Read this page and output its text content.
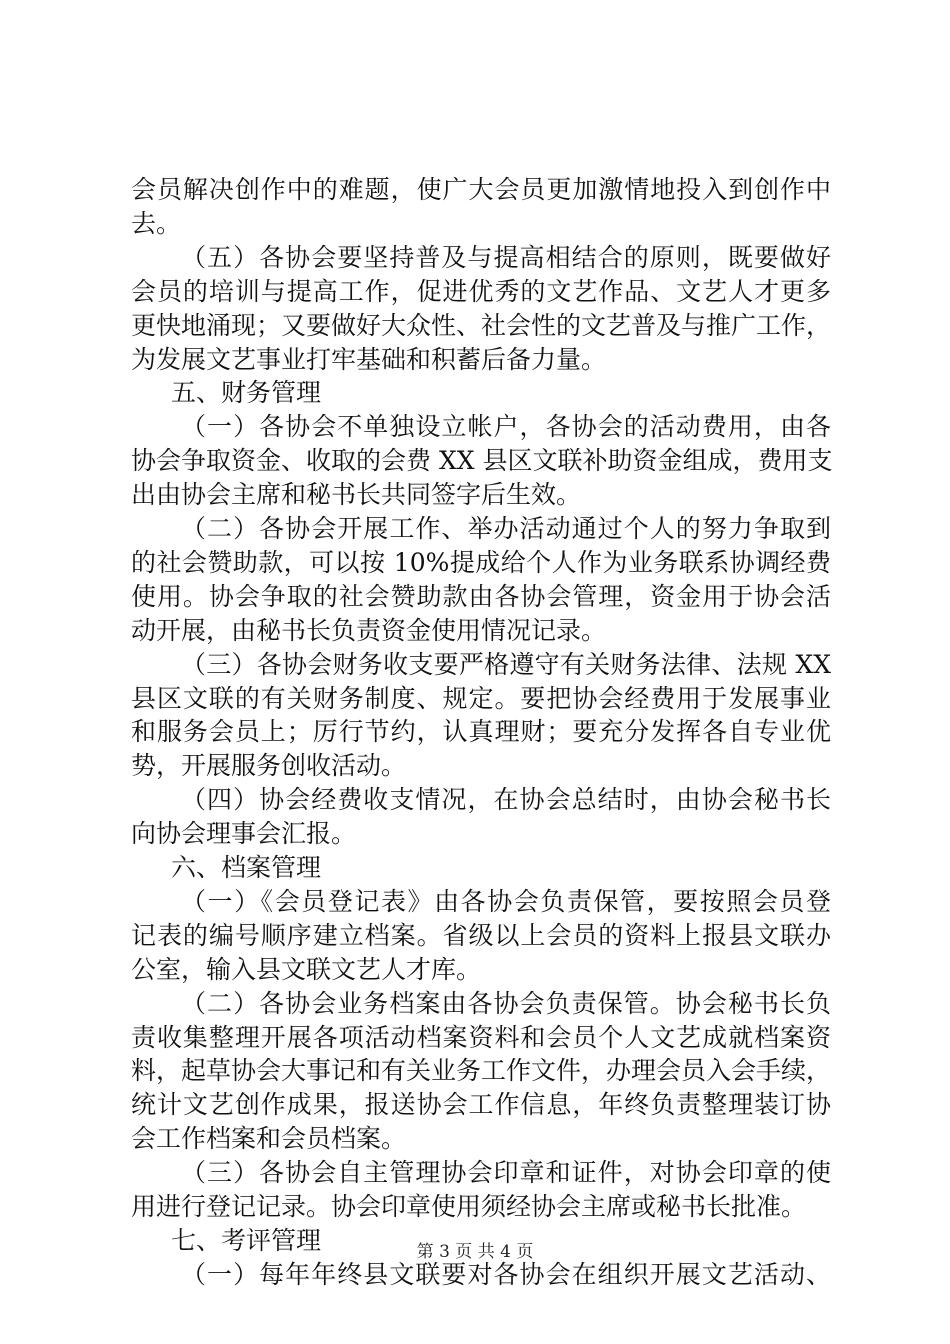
会员解决创作中的难题，使广大会员更加激情地投入到创作中
去。
（五）各协会要坚持普及与提高相结合的原则，既要做好
会员的培训与提高工作，促进优秀的文艺作品、文艺人才更多
更快地涌现；又要做好大众性、社会性的文艺普及与推广工作，
为发展文艺事业打牢基础和积蓄后备力量。
五、财务管理
（一）各协会不单独设立帐户，各协会的活动费用，由各
协会争取资金、收取的会费 XX 县区文联补助资金组成，费用支
出由协会主席和秘书长共同签字后生效。
（二）各协会开展工作、举办活动通过个人的努力争取到
的社会赞助款，可以按 10%提成给个人作为业务联系协调经费
使用。协会争取的社会赞助款由各协会管理，资金用于协会活
动开展，由秘书长负责资金使用情况记录。
（三）各协会财务收支要严格遵守有关财务法律、法规 XX
县区文联的有关财务制度、规定。要把协会经费用于发展事业
和服务会员上；厉行节约，认真理财；要充分发挥各自专业优
势，开展服务创收活动。
（四）协会经费收支情况，在协会总结时，由协会秘书长
向协会理事会汇报。
六、档案管理
（一）《会员登记表》由各协会负责保管，要按照会员登
记表的编号顺序建立档案。省级以上会员的资料上报县文联办
公室，输入县文联文艺人才库。
（二）各协会业务档案由各协会负责保管。协会秘书长负
责收集整理开展各项活动档案资料和会员个人文艺成就档案资
料，起草协会大事记和有关业务工作文件，办理会员入会手续，
统计文艺创作成果，报送协会工作信息，年终负责整理装订协
会工作档案和会员档案。
（三）各协会自主管理协会印章和证件，对协会印章的使
用进行登记记录。协会印章使用须经协会主席或秘书长批准。
七、考评管理
（一）每年年终县文联要对各协会在组织开展文艺活动、
第 3 页 共 4 页
